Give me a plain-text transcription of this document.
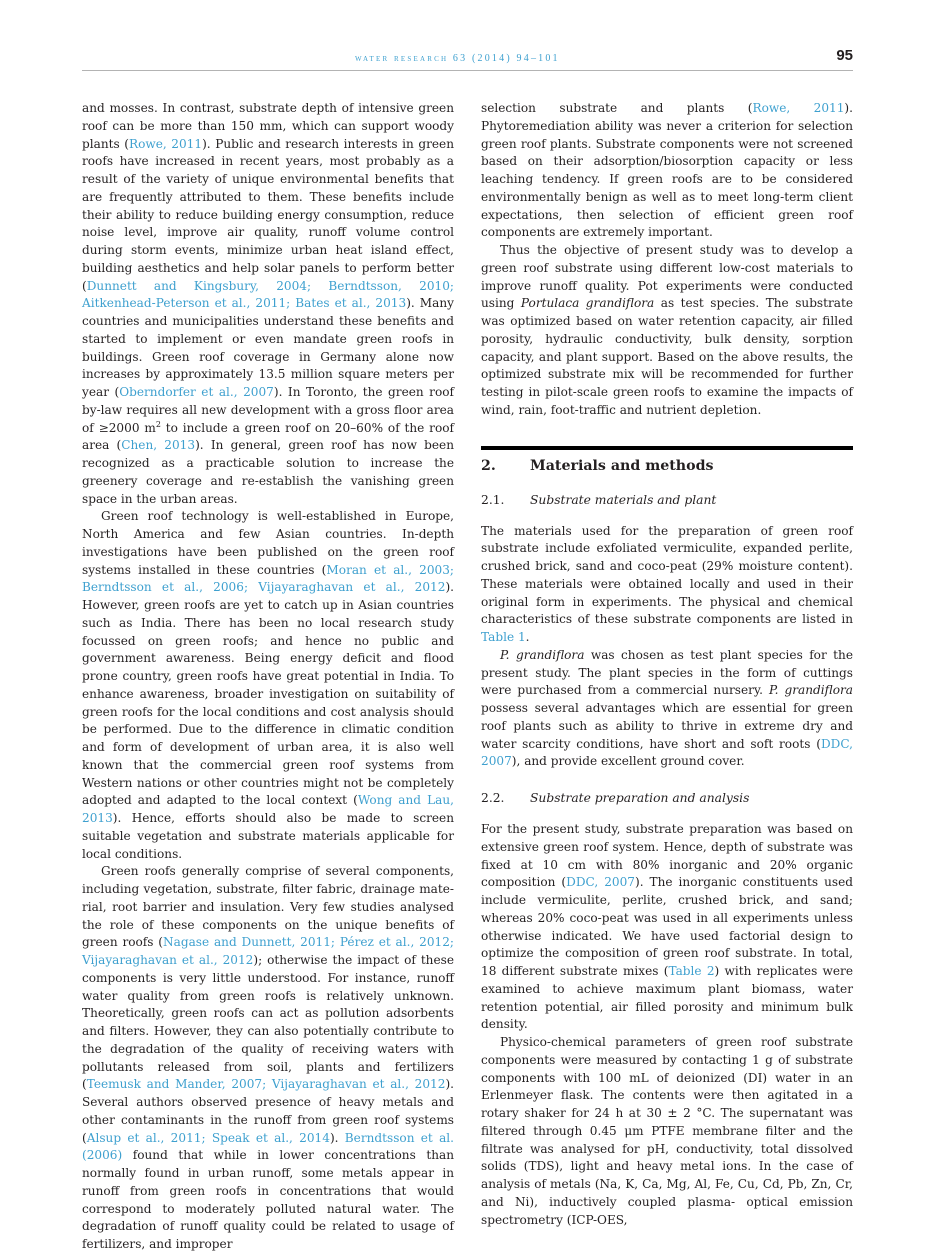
water research 63 (2014) 94–101	95

and mosses. In contrast, substrate depth of intensive green roof can be more than 150 mm, which can support woody plants (Rowe, 2011). Public and research interests in green roofs have increased in recent years, most probably as a result of the variety of unique environmental benefits that are frequently attributed to them. These benefits include their ability to reduce building energy consumption, reduce noise level, improve air quality, runoff volume control during storm events, minimize urban heat island effect, building aesthetics and help solar panels to perform better (Dunnett and Kingsbury, 2004; Berndtsson, 2010; Aitkenhead-Peterson et al., 2011; Bates et al., 2013). Many countries and municipalities understand these benefits and started to implement or even mandate green roofs in buildings. Green roof coverage in Germany alone now increases by approximately 13.5 million square meters per year (Oberndorfer et al., 2007). In Toronto, the green roof by-law requires all new development with a gross floor area of ≥2000 $m^2$ to include a green roof on 20–60% of the roof area (Chen, 2013). In general, green roof has now been recognized as a practicable solution to increase the greenery coverage and re-establish the vanishing green space in the urban areas.

Green roof technology is well-established in Europe, North America and few Asian countries. In-depth investigations have been published on the green roof systems installed in these countries (Moran et al., 2003; Berndtsson et al., 2006; Vijayaraghavan et al., 2012). However, green roofs are yet to catch up in Asian countries such as India. There has been no local research study focussed on green roofs; and hence no public and government awareness. Being energy deficit and flood prone country, green roofs have great potential in India. To enhance awareness, broader investigation on suitability of green roofs for the local conditions and cost analysis should be performed. Due to the difference in climatic condition and form of development of urban area, it is also well known that the commercial green roof systems from Western nations or other countries might not be completely adopted and adapted to the local context (Wong and Lau, 2013). Hence, efforts should also be made to screen suitable vegetation and substrate materials applicable for local conditions.

Green roofs generally comprise of several components, including vegetation, substrate, filter fabric, drainage material, root barrier and insulation. Very few studies analysed the role of these components on the unique benefits of green roofs (Nagase and Dunnett, 2011; Pérez et al., 2012; Vijayaraghavan et al., 2012); otherwise the impact of these components is very little understood. For instance, runoff water quality from green roofs is relatively unknown. Theoretically, green roofs can act as pollution adsorbents and filters. However, they can also potentially contribute to the degradation of the quality of receiving waters with pollutants released from soil, plants and fertilizers (Teemusk and Mander, 2007; Vijayaraghavan et al., 2012). Several authors observed presence of heavy metals and other contaminants in the runoff from green roof systems (Alsup et al., 2011; Speak et al., 2014). Berndtsson et al. (2006) found that while in lower concentrations than normally found in urban runoff, some metals appear in runoff from green roofs in concentrations that would correspond to moderately polluted natural water. The degradation of runoff quality could be related to usage of fertilizers, and improper

selection substrate and plants (Rowe, 2011). Phytoremediation ability was never a criterion for selection green roof plants. Substrate components were not screened based on their adsorption/biosorption capacity or less leaching tendency. If green roofs are to be considered environmentally benign as well as to meet long-term client expectations, then selection of efficient green roof components are extremely important.

Thus the objective of present study was to develop a green roof substrate using different low-cost materials to improve runoff quality. Pot experiments were conducted using Portulaca grandiflora as test species. The substrate was optimized based on water retention capacity, air filled porosity, hydraulic conductivity, bulk density, sorption capacity, and plant support. Based on the above results, the optimized substrate mix will be recommended for further testing in pilot-scale green roofs to examine the impacts of wind, rain, foot-traffic and nutrient depletion.

2. Materials and methods
2.1. Substrate materials and plant

The materials used for the preparation of green roof substrate include exfoliated vermiculite, expanded perlite, crushed brick, sand and coco-peat (29% moisture content). These materials were obtained locally and used in their original form in experiments. The physical and chemical characteristics of these substrate components are listed in Table 1.

P. grandiflora was chosen as test plant species for the present study. The plant species in the form of cuttings were purchased from a commercial nursery. P. grandiflora possess several advantages which are essential for green roof plants such as ability to thrive in extreme dry and water scarcity conditions, have short and soft roots (DDC, 2007), and provide excellent ground cover.

2.2. Substrate preparation and analysis

For the present study, substrate preparation was based on extensive green roof system. Hence, depth of substrate was fixed at 10 cm with 80% inorganic and 20% organic composition (DDC, 2007). The inorganic constituents used include vermiculite, perlite, crushed brick, and sand; whereas 20% coco-peat was used in all experiments unless otherwise indicated. We have used factorial design to optimize the composition of green roof substrate. In total, 18 different substrate mixes (Table 2) with replicates were examined to achieve maximum plant biomass, water retention potential, air filled porosity and minimum bulk density.

Physico-chemical parameters of green roof substrate components were measured by contacting 1 g of substrate components with 100 mL of deionized (DI) water in an Erlenmeyer flask. The contents were then agitated in a rotary shaker for 24 h at 30 ± 2 °C. The supernatant was filtered through 0.45 μm PTFE membrane filter and the filtrate was analysed for pH, conductivity, total dissolved solids (TDS), light and heavy metal ions. In the case of analysis of metals (Na, K, Ca, Mg, Al, Fe, Cu, Cd, Pb, Zn, Cr, and Ni), inductively coupled plasma- optical emission spectrometry (ICP-OES,
